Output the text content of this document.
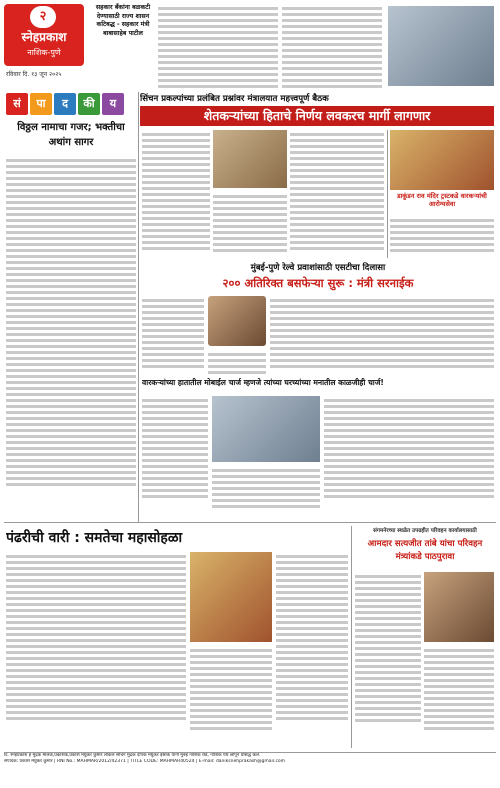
२
स्नेहप्रकाश
नाशिक-पुणे
रविवार दि. १३ जून २०२५
सहकार बँकांना बळकटी देण्यासाठी राज्य शासन कटिबद्ध - सहकार मंत्री बाबासाहेब पाटील
सं पा द की य	सिंचन प्रकल्पांच्या प्रलंबित प्रश्नांवर मंत्रालयात महत्त्वपूर्ण बैठक
शेतकऱ्यांच्या हिताचे निर्णय लवकरच मार्गी लागणार
विठ्ठल नामाचा गजर; भक्तीचा अथांग सागर
डाकुंडन राव मंदिर ट्रस्टकडे वारकऱ्यांची आरोग्यसेवा
मुंबई-पुणे रेल्वे प्रवाशांसाठी एसटीचा दिलासा
२०० अतिरिक्त बसफेऱ्या सुरू : मंत्री सरनाईक
वारकऱ्यांच्या हातातील मोबाईल चार्ज म्हणजे त्यांच्या घरच्यांच्या मनातील काळजीही चार्ज!
पंढरीची वारी : समतेचा महासोहळा	संगमनेरच्या स्थळेत उपग्रहीत परिवहन कार्यालयासाठी
आमदार सत्यजीत तांबे यांचा परिवहन मंत्र्यांकडे पाठपुरावा
दि. स्नेहप्रकाश हे मुद्रक मालक,प्रकाशक,प्रकाश मधुकर कुमार लोकल सचिन मुद्रक दीपक मधुकर इसाके यांनी मुंबई नाशिक रोड, नाशिक येथे छापून प्रसिद्ध केले.
संपादक: प्रकाश मधुकर कुमार | RNI No.: MAHMAR/2012/42371 | TITLE CODE: MAHMAR40524 | E-mail: daniksnehprakash@gmail.com
